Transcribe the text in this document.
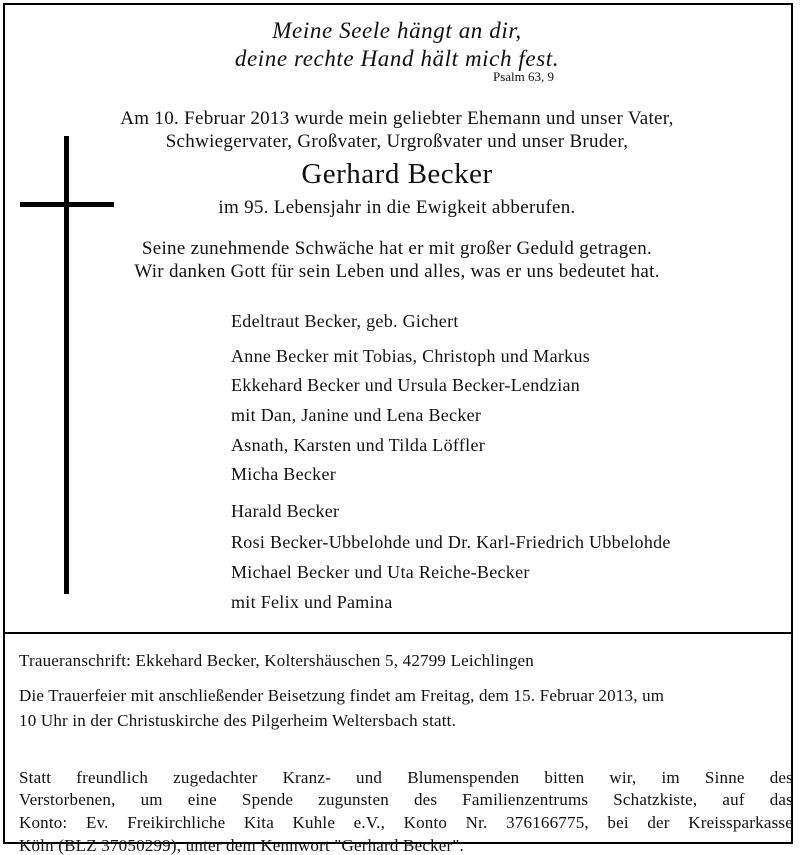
Meine Seele hängt an dir,

deine rechte Hand hält mich fest.

Psalm 63, 9

Am 10. Februar 2013 wurde mein geliebter Ehemann und unser Vater,

Schwiegervater, Großvater, Urgroßvater und unser Bruder,

Gerhard Becker

im 95. Lebensjahr in die Ewigkeit abberufen.

Seine zunehmende Schwäche hat er mit großer Geduld getragen.

Wir danken Gott für sein Leben und alles, was er uns bedeutet hat.

Edeltraut Becker, geb. Gichert

Anne Becker mit Tobias, Christoph und Markus

Ekkehard Becker und Ursula Becker-Lendzian

mit Dan, Janine und Lena Becker

Asnath, Karsten und Tilda Löffler

Micha Becker

Harald Becker

Rosi Becker-Ubbelohde und Dr. Karl-Friedrich Ubbelohde

Michael Becker und Uta Reiche-Becker

mit Felix und Pamina

Traueranschrift: Ekkehard Becker, Koltershäuschen 5, 42799 Leichlingen

Die Trauerfeier mit anschließender Beisetzung findet am Freitag, dem 15. Februar 2013, um

10 Uhr in der Christuskirche des Pilgerheim Weltersbach statt.

Statt freundlich zugedachter Kranz- und Blumenspenden bitten wir, im Sinne des

Verstorbenen, um eine Spende zugunsten des Familienzentrums Schatzkiste, auf das

Konto: Ev. Freikirchliche Kita Kuhle e.V., Konto Nr. 376166775, bei der Kreissparkasse

Köln (BLZ 37050299), unter dem Kennwort "Gerhard Becker".
